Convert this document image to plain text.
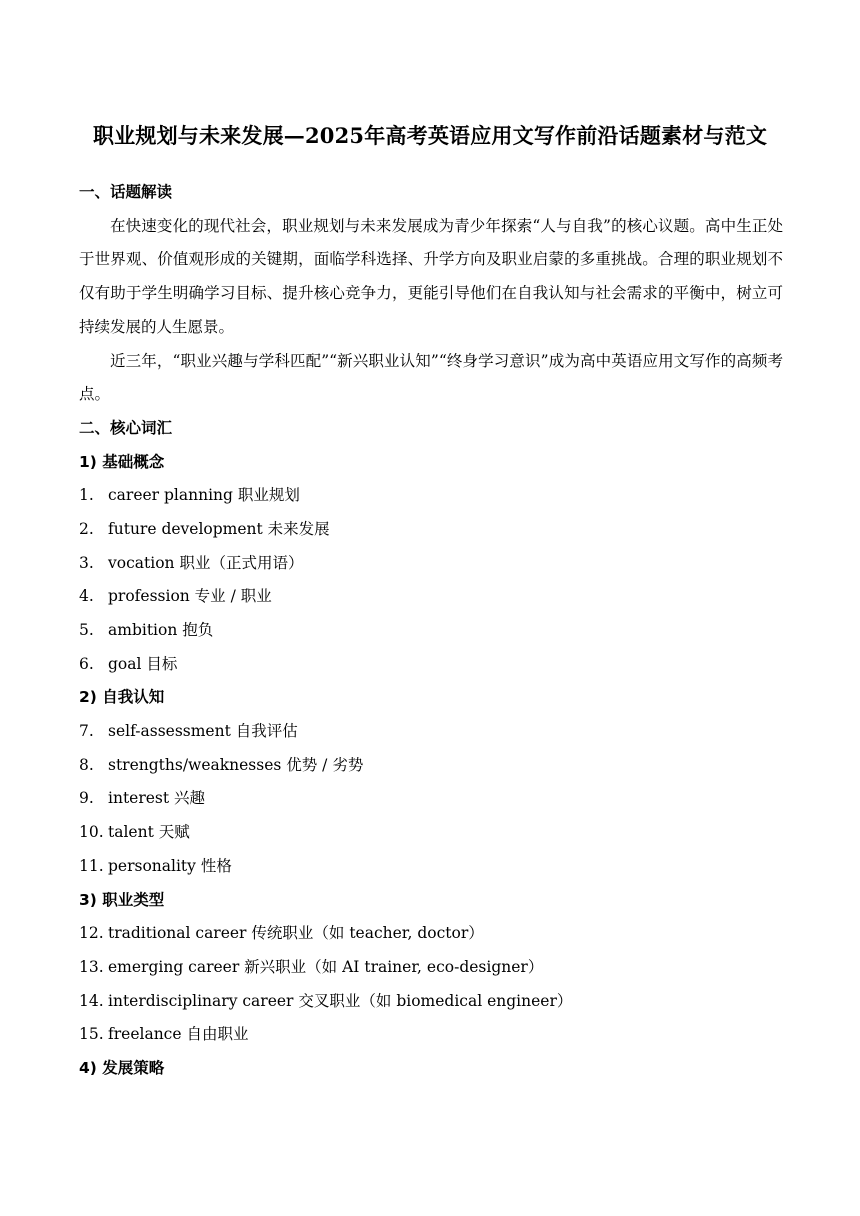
职业规划与未来发展—2025年高考英语应用文写作前沿话题素材与范文
一、话题解读

在快速变化的现代社会，职业规划与未来发展成为青少年探索“人与自我”的核心议题。高中生正处于世界观、价值观形成的关键期，面临学科选择、升学方向及职业启蒙的多重挑战。合理的职业规划不仅有助于学生明确学习目标、提升核心竞争力，更能引导他们在自我认知与社会需求的平衡中，树立可持续发展的人生愿景。

近三年，“职业兴趣与学科匹配”“新兴职业认知”“终身学习意识”成为高中英语应用文写作的高频考点。

二、核心词汇
1) 基础概念
1. career planning 职业规划
2. future development 未来发展
3. vocation 职业（正式用语）
4. profession 专业 / 职业
5. ambition 抱负
6. goal 目标
2) 自我认知
7. self-assessment 自我评估
8. strengths/weaknesses 优势 / 劣势
9. interest 兴趣
10. talent 天赋
11. personality 性格
3) 职业类型
12. traditional career 传统职业（如 teacher, doctor）
13. emerging career 新兴职业（如 AI trainer, eco-designer）
14. interdisciplinary career 交叉职业（如 biomedical engineer）
15. freelance 自由职业
4) 发展策略
